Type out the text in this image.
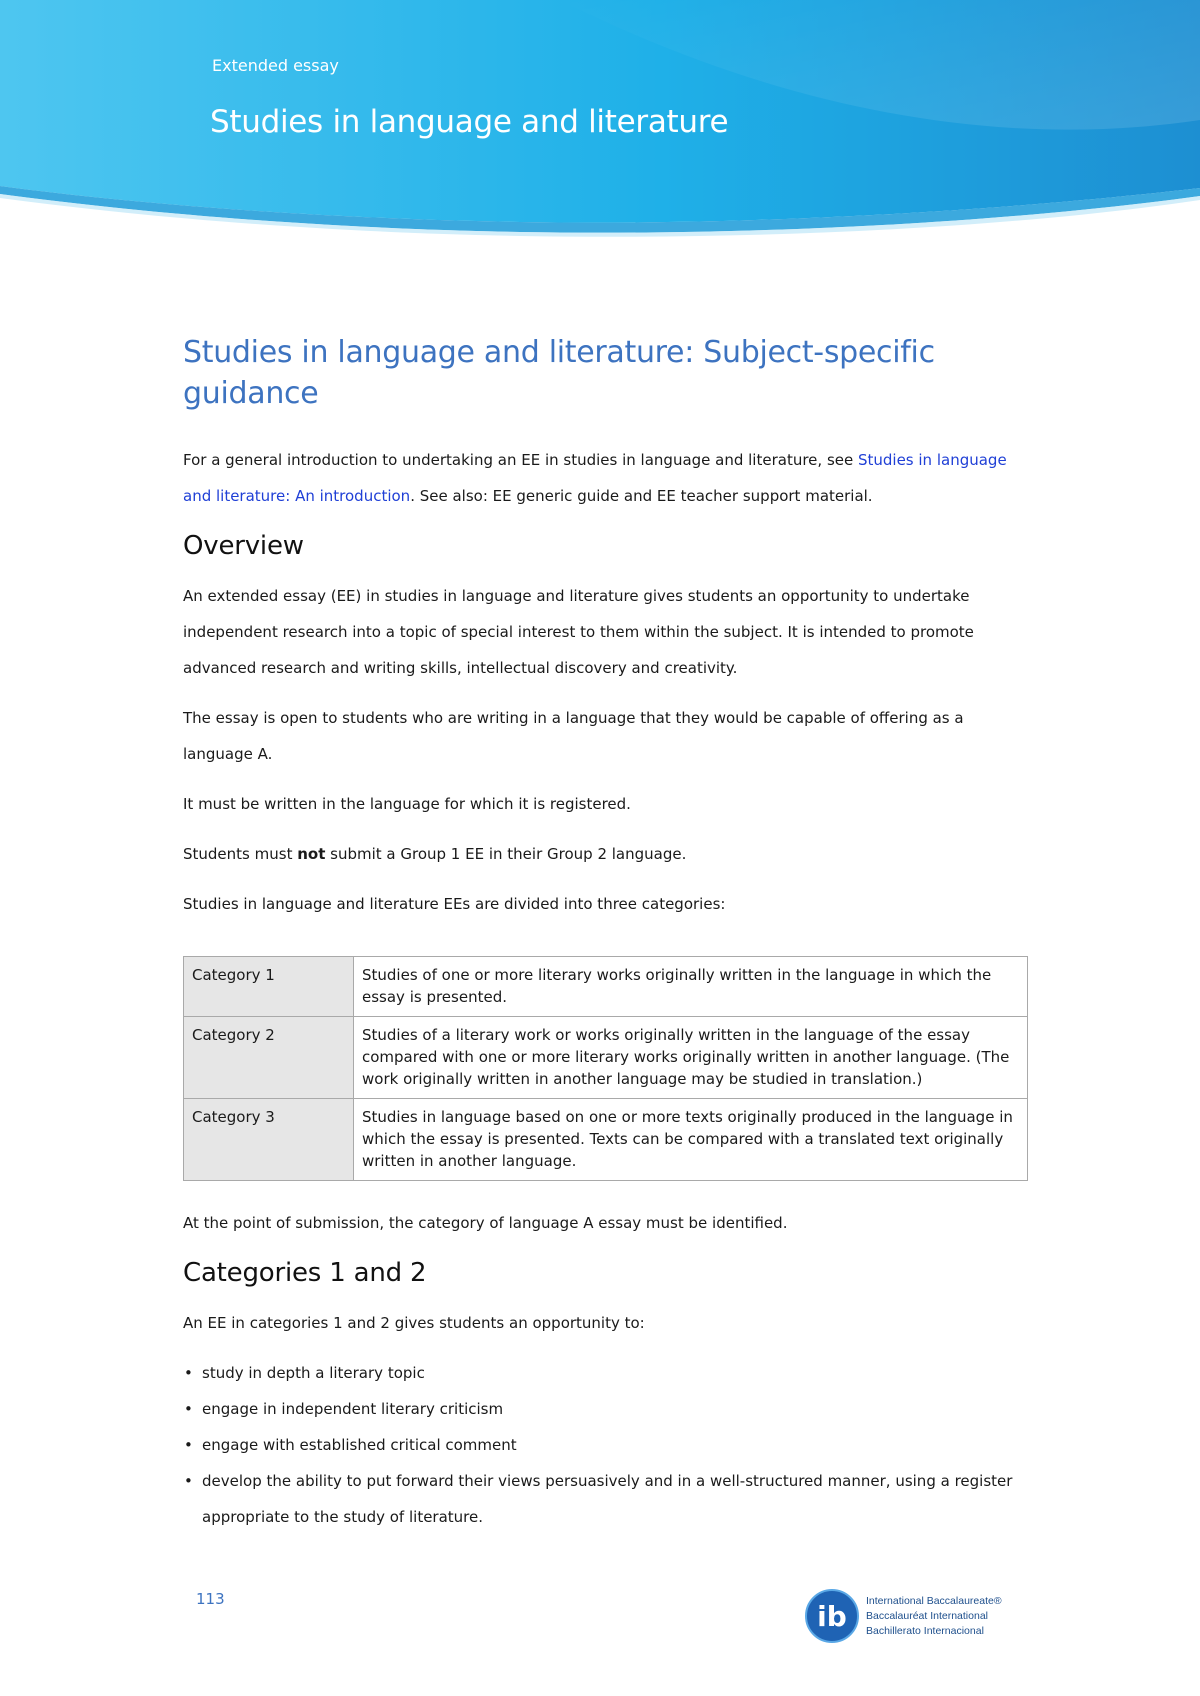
Extended essay
Studies in language and literature
Studies in language and literature: Subject-specific guidance

For a general introduction to undertaking an EE in studies in language and literature, see Studies in language and literature: An introduction. See also: EE generic guide and EE teacher support material.

Overview

An extended essay (EE) in studies in language and literature gives students an opportunity to undertake independent research into a topic of special interest to them within the subject. It is intended to promote advanced research and writing skills, intellectual discovery and creativity.

The essay is open to students who are writing in a language that they would be capable of offering as a language A.

It must be written in the language for which it is registered.

Students must not submit a Group 1 EE in their Group 2 language.

Studies in language and literature EEs are divided into three categories:

Category 1	Studies of one or more literary works originally written in the language in which the essay is presented.
Category 2	Studies of a literary work or works originally written in the language of the essay compared with one or more literary works originally written in another language. (The work originally written in another language may be studied in translation.)
Category 3	Studies in language based on one or more texts originally produced in the language in which the essay is presented. Texts can be compared with a translated text originally written in another language.

At the point of submission, the category of language A essay must be identified.

Categories 1 and 2

An EE in categories 1 and 2 gives students an opportunity to:

• study in depth a literary topic
• engage in independent literary criticism
• engage with established critical comment
• develop the ability to put forward their views persuasively and in a well-structured manner, using a register appropriate to the study of literature.
113
ib International Baccalaureate®
Baccalauréat International
Bachillerato Internacional
